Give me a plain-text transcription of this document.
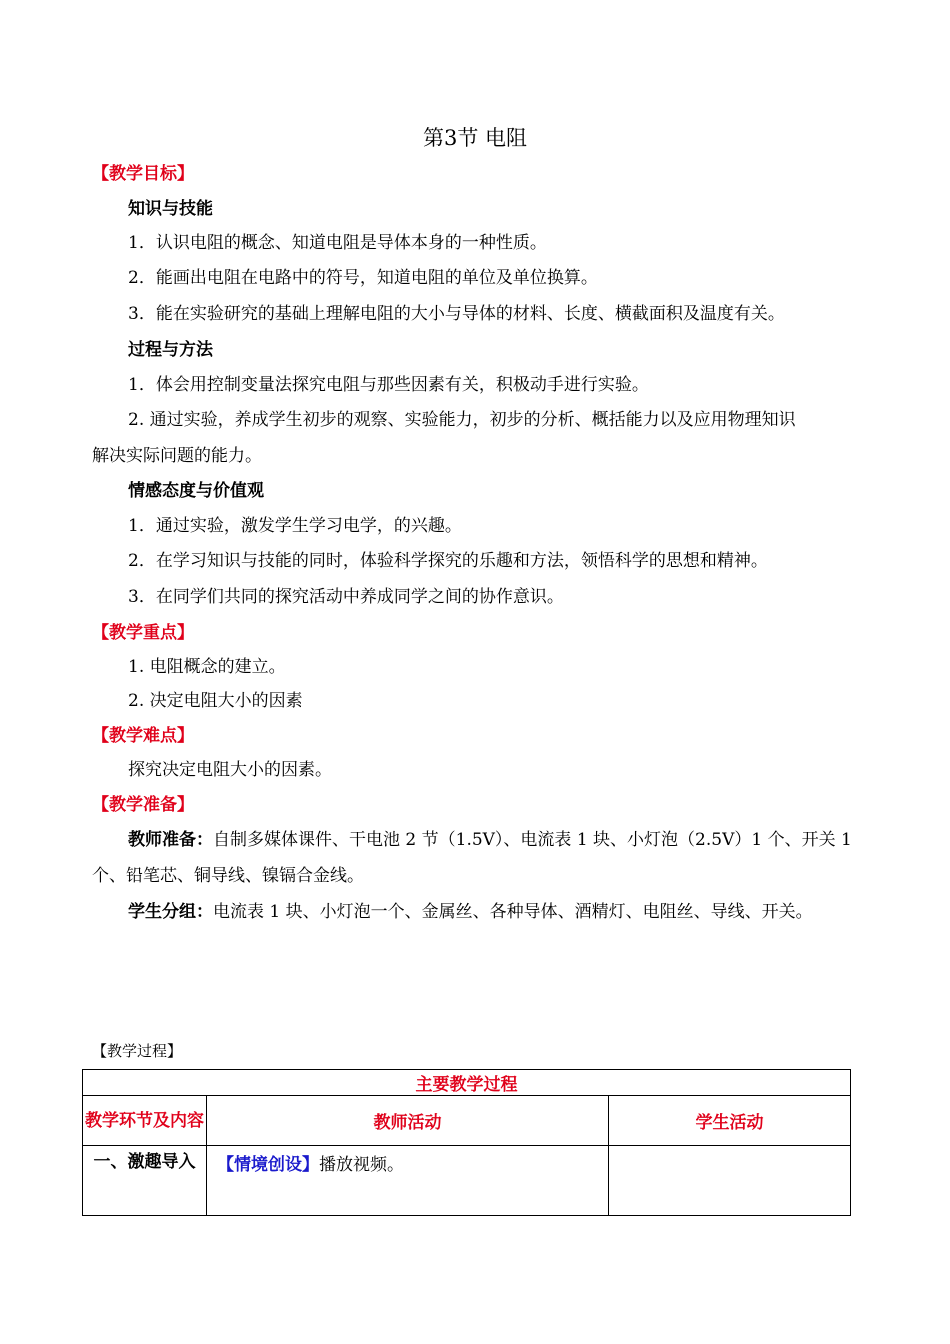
第3节 电阻
【教学目标】
知识与技能
1．认识电阻的概念、知道电阻是导体本身的一种性质。
2．能画出电阻在电路中的符号，知道电阻的单位及单位换算。
3．能在实验研究的基础上理解电阻的大小与导体的材料、长度、横截面积及温度有关。
过程与方法
1．体会用控制变量法探究电阻与那些因素有关，积极动手进行实验。
2. 通过实验，养成学生初步的观察、实验能力，初步的分析、概括能力以及应用物理知识
解决实际问题的能力。
情感态度与价值观
1．通过实验，激发学生学习电学，的兴趣。
2．在学习知识与技能的同时，体验科学探究的乐趣和方法，领悟科学的思想和精神。
3．在同学们共同的探究活动中养成同学之间的协作意识。
【教学重点】
1. 电阻概念的建立。
2. 决定电阻大小的因素
【教学难点】
探究决定电阻大小的因素。
【教学准备】
教师准备：自制多媒体课件、干电池 2 节（1.5V）、电流表 1 块、小灯泡（2.5V）1 个、开关 1
个、铅笔芯、铜导线、镍镉合金线。
学生分组：电流表 1 块、小灯泡一个、金属丝、各种导体、酒精灯、电阻丝、导线、开关。
【教学过程】
主要教学过程		
教学环节及内容	教师活动	学生活动
一、激趣导入	【情境创设】播放视频。	
